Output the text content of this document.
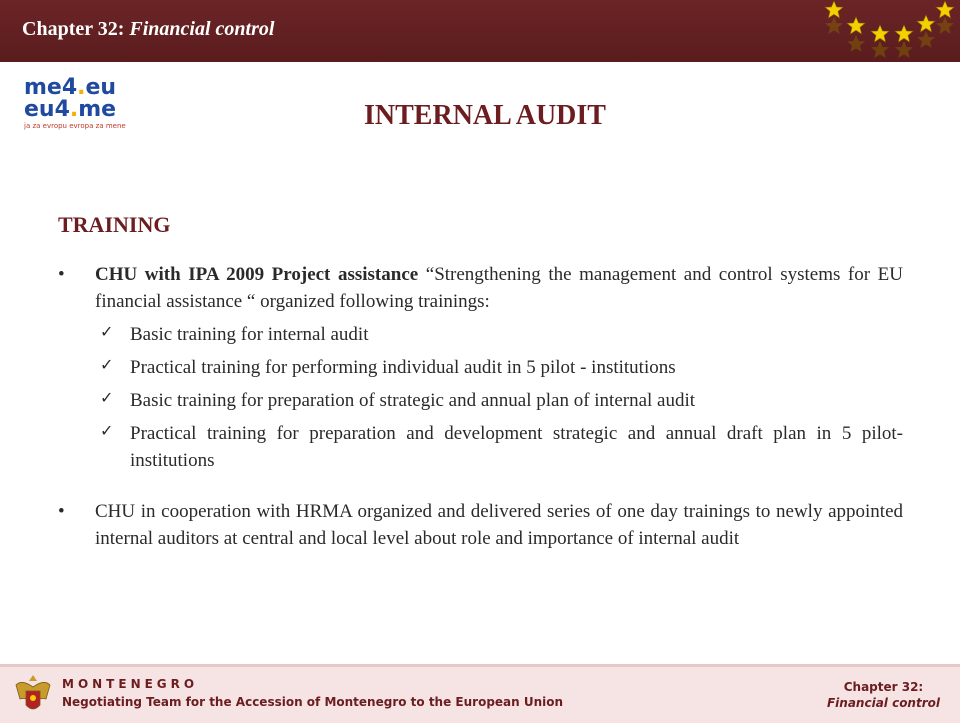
Chapter 32: Financial control
me4.eu
eu4.me
ja za evropu evropa za mene	INTERNAL AUDIT
TRAINING
• CHU with IPA 2009 Project assistance “Strengthening the management and control systems for EU financial assistance “ organized following trainings:
✓ Basic training for internal audit
✓ Practical training for performing individual audit in 5 pilot - institutions
✓ Basic training for preparation of strategic and annual plan of internal audit
✓ Practical training for preparation and development strategic and annual draft plan in 5 pilot- institutions
• CHU in cooperation with HRMA organized and delivered series of one day trainings to newly appointed internal auditors at central and local level about role and importance of internal audit
MONTENEGRO
Negotiating Team for the Accession of Montenegro to the European Union
Chapter 32:
Financial control
